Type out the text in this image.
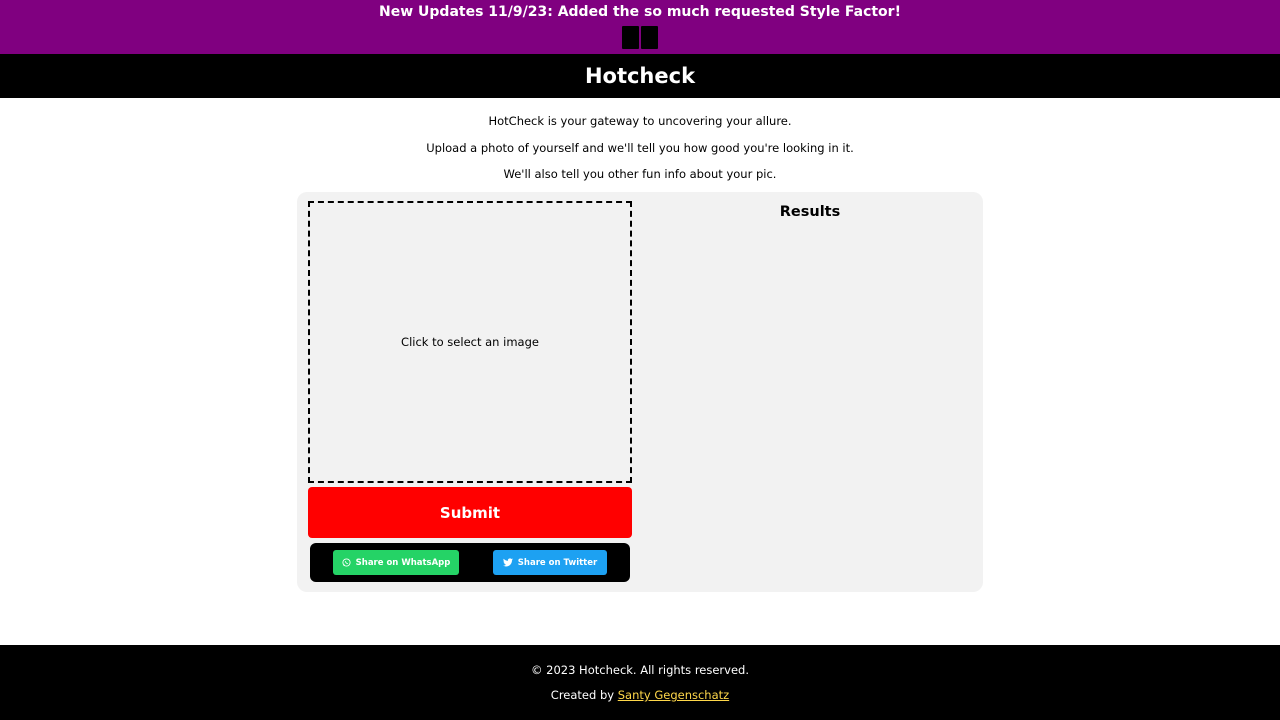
New Updates 11/9/23: Added the so much requested Style Factor!
Hotcheck

HotCheck is your gateway to uncovering your allure.

Upload a photo of yourself and we'll tell you how good you're looking in it.

We'll also tell you other fun info about your pic.

Click to select an image
Submit
Share on WhatsApp	Share on Twitter
Results

© 2023 Hotcheck. All rights reserved.

Created by Santy Gegenschatz
